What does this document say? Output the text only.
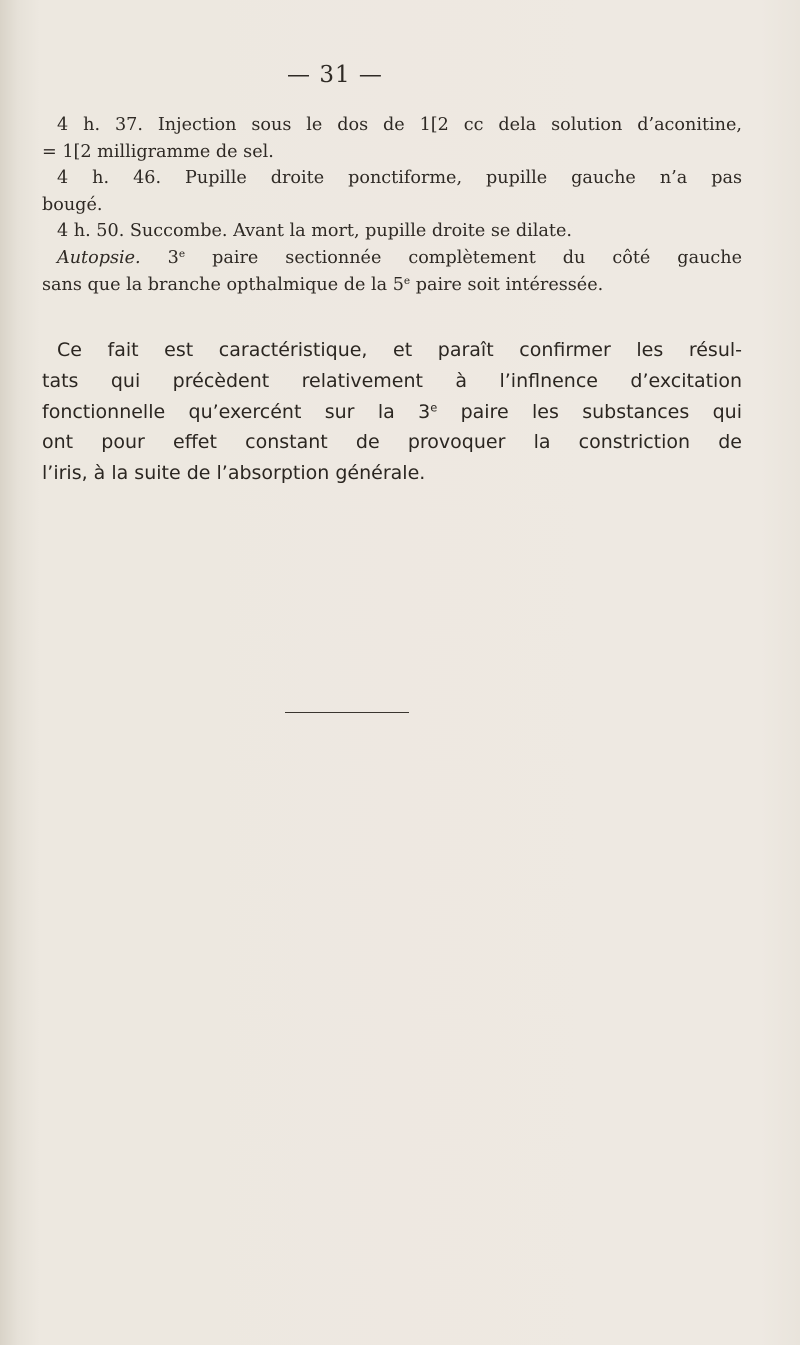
— 31 —

4 h. 37. Injection sous le dos de 1[2 cc dela solution d’aconitine,

= 1[2 milligramme de sel.

4 h. 46. Pupille droite ponctiforme, pupille gauche n’a pas

bougé.

4 h. 50. Succombe. Avant la mort, pupille droite se dilate.

Autopsie. 3e paire sectionnée complètement du côté gauche

sans que la branche opthalmique de la 5e paire soit intéressée.

Ce fait est caractéristique, et paraît confirmer les résul-
tats qui précèdent relativement à l’inflnence d’excitation
fonctionnelle qu’exercént sur la 3e paire les substances qui
ont pour effet constant de provoquer la constriction de
l’iris, à la suite de l’absorption générale.
